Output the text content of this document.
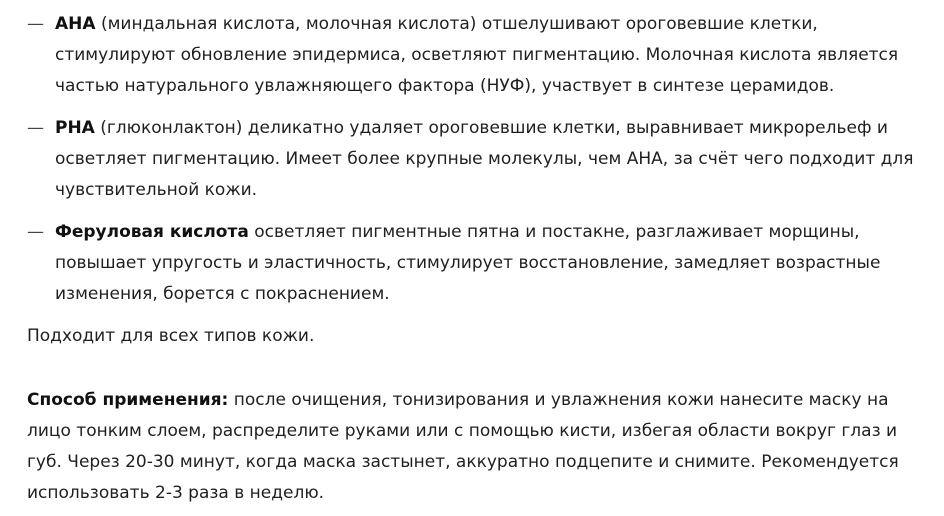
— AHA (миндальная кислота, молочная кислота) отшелушивают ороговевшие клетки, стимулируют обновление эпидермиса, осветляют пигментацию. Молочная кислота является частью натурального увлажняющего фактора (НУФ), участвует в синтезе церамидов.
— PHA (глюконлактон) деликатно удаляет ороговевшие клетки, выравнивает микрорельеф и осветляет пигментацию. Имеет более крупные молекулы, чем AHA, за счёт чего подходит для чувствительной кожи.
— Феруловая кислота осветляет пигментные пятна и постакне, разглаживает морщины, повышает упругость и эластичность, стимулирует восстановление, замедляет возрастные изменения, борется с покраснением.

Подходит для всех типов кожи.

Способ применения: после очищения, тонизирования и увлажнения кожи нанесите маску на лицо тонким слоем, распределите руками или с помощью кисти, избегая области вокруг глаз и губ. Через 20-30 минут, когда маска застынет, аккуратно подцепите и снимите. Рекомендуется использовать 2-3 раза в неделю.
